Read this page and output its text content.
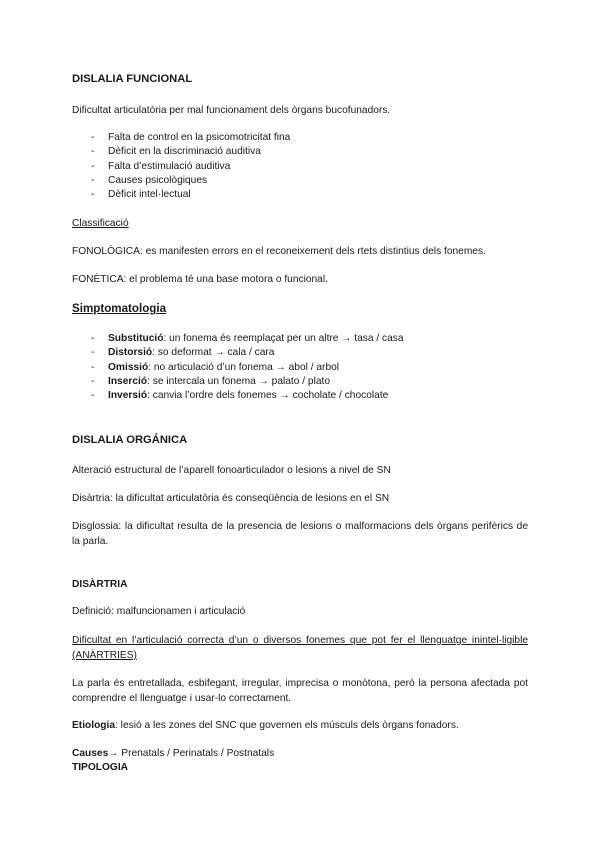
DISLALIA FUNCIONAL
Dificultat articulatòria per mal funcionament dels òrgans bucofunadors.
- Falta de control en la psicomotricitat fina
- Dèficit en la discriminació auditiva
- Falta d’estimulació auditiva
- Causes psicològiques
- Dèficit intel·lectual
Classificació
FONOLÒGICA: es manifesten errors en el reconeixement dels rtets distintius dels fonemes.
FONÈTICA: el problema té una base motora o funcional.
Simptomatologia
- Substitució: un fonema és reemplaçat per un altre → tasa / casa
- Distorsió: so deformat → cala / cara
- Omissió: no articulació d’un fonema → abol / arbol
- Inserció: se intercala un fonema → palato / plato
- Inversió: canvia l’ordre dels fonemes → cocholate / chocolate
DISLALIA ORGÁNICA
Alteració estructural de l’aparell fonoarticulador o lesions a nivel de SN
Disàrtria: la dificultat articulatòria és conseqüència de lesions en el SN
Disglossia: la dificultat resulta de la presencia de lesions o malformacions dels òrgans perifèrics de la parla.
DISÀRTRIA
Definició: malfuncionamen i articulació
Dificultat en l’articulació correcta d’un o diversos fonemes que pot fer el llenguatge inintel·ligible (ANÀRTRIES)
La parla és entretallada, esbifegant, irregular, imprecisa o monòtona, però la persona afectada pot comprendre el llenguatge i usar-lo correctament.
Etiologia: lesió a les zones del SNC que governen els músculs dels òrgans fonadors.
Causes→ Prenatals / Perinatals / Postnatals
TIPOLOGIA
